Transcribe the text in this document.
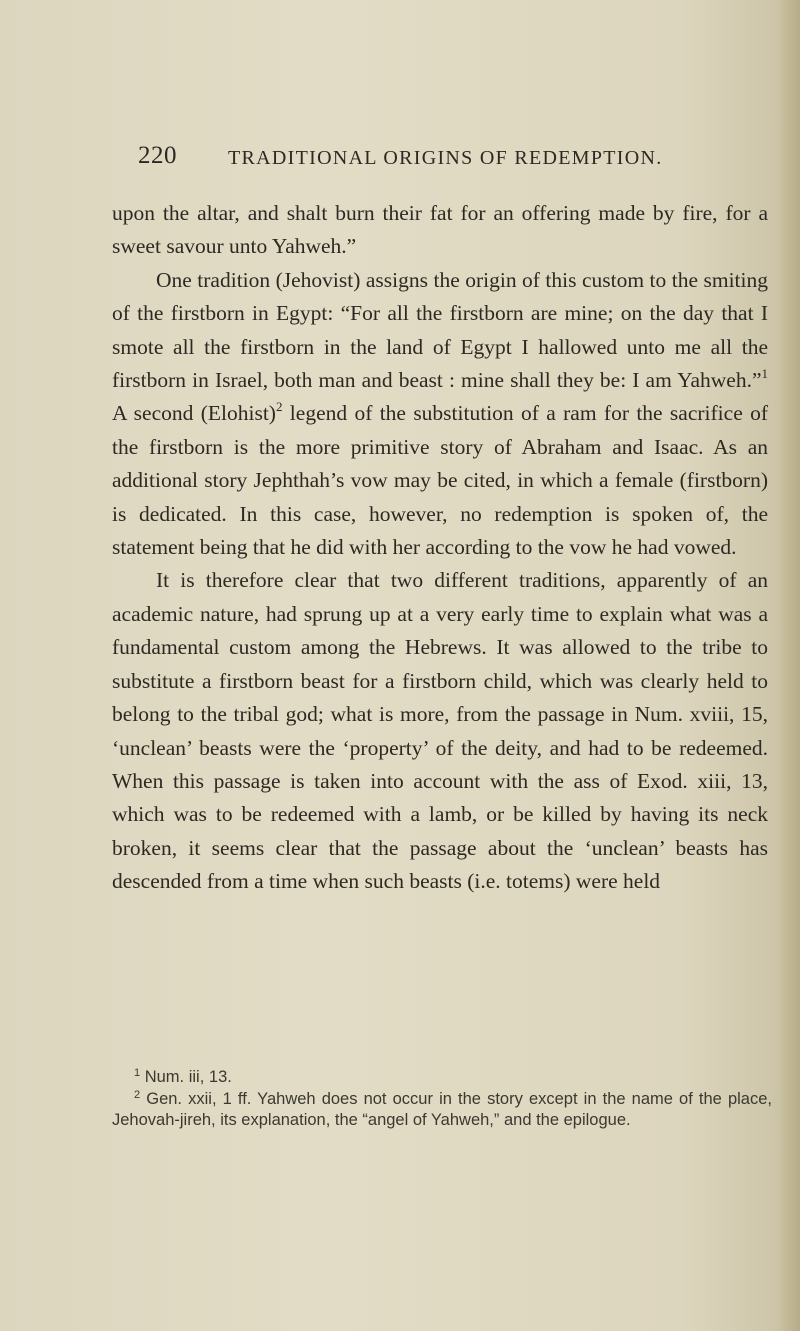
220	TRADITIONAL ORIGINS OF REDEMPTION.

upon the altar, and shalt burn their fat for an offering made by fire, for a sweet savour unto Yahweh.”

One tradition (Jehovist) assigns the origin of this custom to the smiting of the firstborn in Egypt: “For all the firstborn are mine; on the day that I smote all the firstborn in the land of Egypt I hallowed unto me all the firstborn in Israel, both man and beast : mine shall they be: I am Yahweh.”$^1$ A second (Elohist)$^2$ legend of the substitution of a ram for the sacrifice of the firstborn is the more primitive story of Abraham and Isaac. As an additional story Jephthah’s vow may be cited, in which a female (firstborn) is dedicated. In this case, however, no redemption is spoken of, the statement being that he did with her according to the vow he had vowed.

It is therefore clear that two different traditions, apparently of an academic nature, had sprung up at a very early time to explain what was a fundamental custom among the Hebrews. It was allowed to the tribe to substitute a firstborn beast for a firstborn child, which was clearly held to belong to the tribal god; what is more, from the passage in Num. xviii, 15, ‘unclean’ beasts were the ‘property’ of the deity, and had to be redeemed. When this passage is taken into account with the ass of Exod. xiii, 13, which was to be redeemed with a lamb, or be killed by having its neck broken, it seems clear that the passage about the ‘unclean’ beasts has descended from a time when such beasts (i.e. totems) were held

$^1$ Num. iii, 13.

$^2$ Gen. xxii, 1 ff. Yahweh does not occur in the story except in the name of the place, Jehovah-jireh, its explanation, the “angel of Yahweh,” and the epilogue.
